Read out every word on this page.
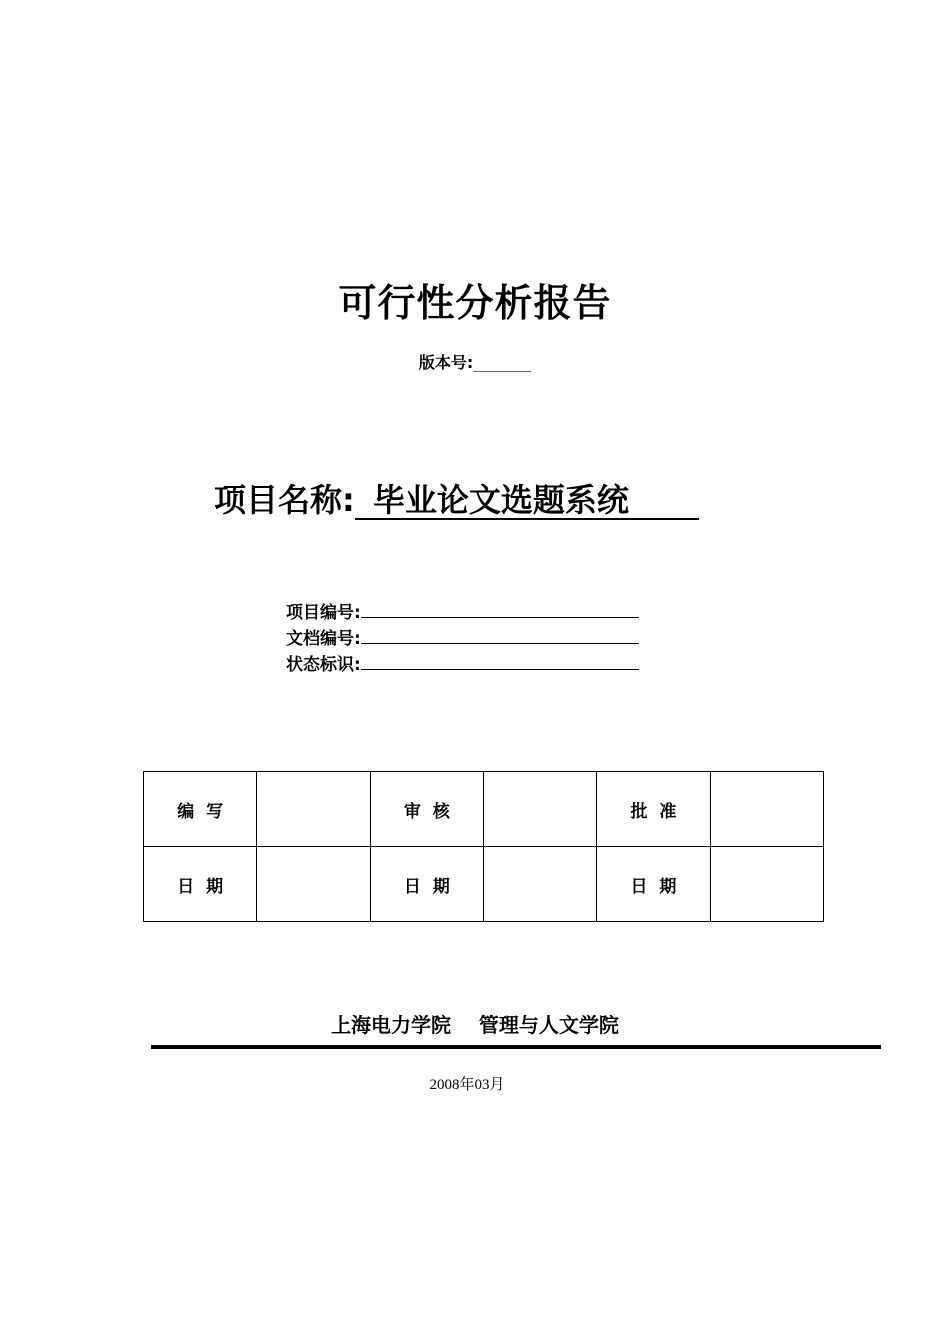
可行性分析报告
版本号:______
项目名称: 毕业论文选题系统
项目编号:
文档编号:
状态标识:
编  写		审  核		批  准	
日  期		日  期		日  期	
上海电力学院    管理与人文学院
2008年03月
